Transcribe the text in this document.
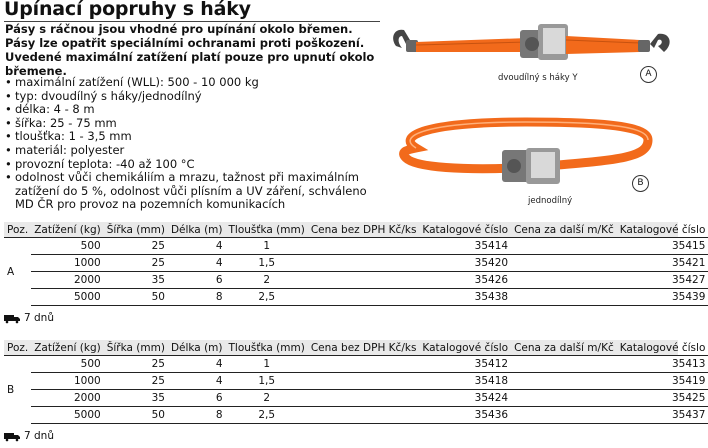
Upínací popruhy s háky
Pásy s ráčnou jsou vhodné pro upínání okolo břemen. Pásy lze opatřit speciálními ochranami proti poškození. Uvedené maximální zatížení platí pouze pro upnutí okolo břemene.
• maximální zatížení (WLL): 500 - 10 000 kg
• typ: dvoudílný s háky/jednodílný
• délka: 4 - 8 m
• šířka: 25 - 75 mm
• tloušťka: 1 - 3,5 mm
• materiál: polyester
• provozní teplota: -40 až 100 °C
• odolnost vůči chemikáliím a mrazu, tažnost při maximálním zatížení do 5 %, odolnost vůči plísním a UV záření, schváleno MD ČR pro provoz na pozemních komunikacích
dvoudílný s háky Y	A
B
jednodílný
Poz.	Zatížení (kg)	Šířka (mm)	Délka (m)	Tloušťka (mm)	Cena bez DPH Kč/ks	Katalogové číslo	Cena za další m/Kč	Katalogové číslo
A	500	25	4	1		35414		35415
	1000	25	4	1,5		35420		35421
	2000	35	6	2		35426		35427
	5000	50	8	2,5		35438		35439
7 dnů
Poz.	Zatížení (kg)	Šířka (mm)	Délka (m)	Tloušťka (mm)	Cena bez DPH Kč/ks	Katalogové číslo	Cena za další m/Kč	Katalogové číslo
B	500	25	4	1		35412		35413
	1000	25	4	1,5		35418		35419
	2000	35	6	2		35424		35425
	5000	50	8	2,5		35436		35437
7 dnů
